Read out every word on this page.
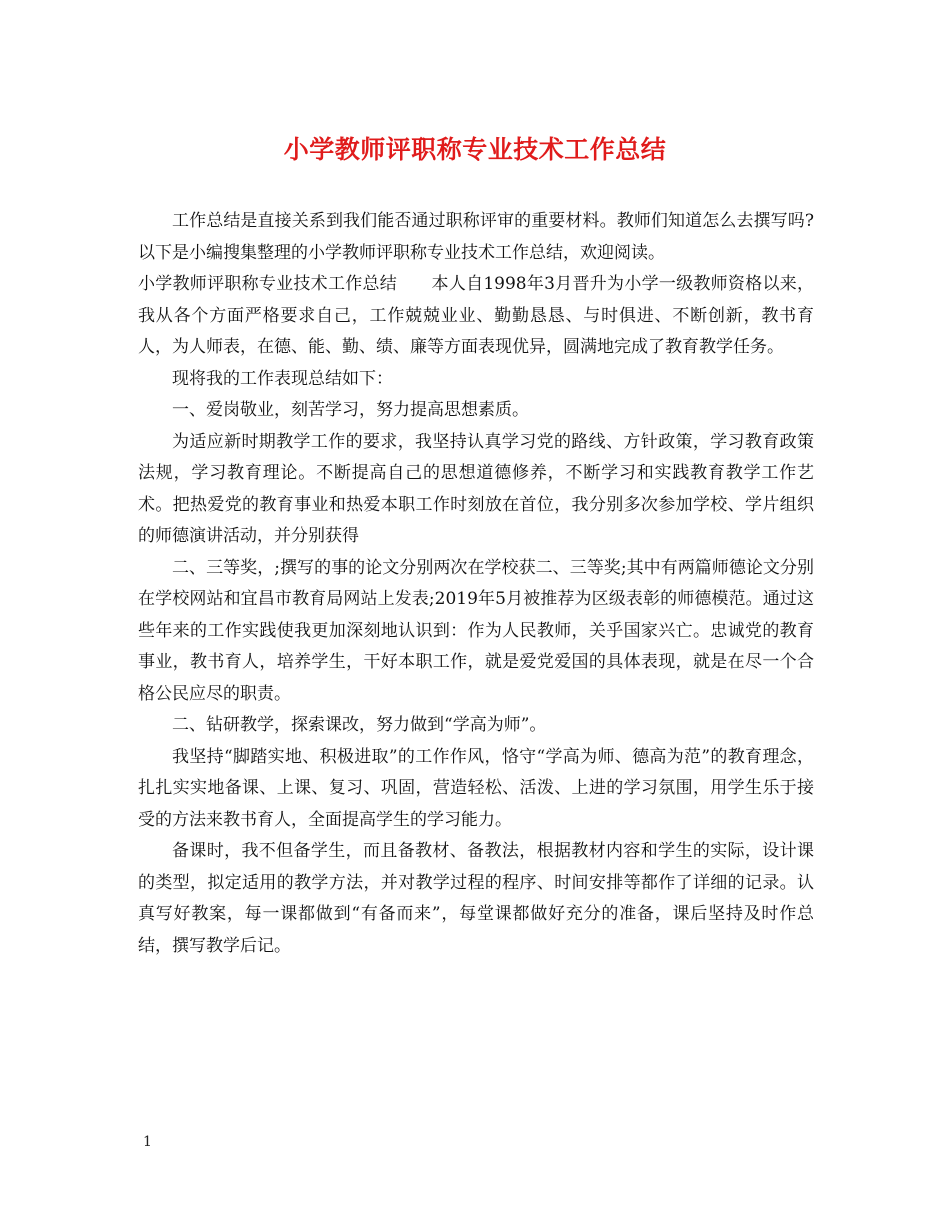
小学教师评职称专业技术工作总结

工作总结是直接关系到我们能否通过职称评审的重要材料。教师们知道怎么去撰写吗?以下是小编搜集整理的小学教师评职称专业技术工作总结，欢迎阅读。

小学教师评职称专业技术工作总结　　本人自1998年3月晋升为小学一级教师资格以来，我从各个方面严格要求自己，工作兢兢业业、勤勤恳恳、与时俱进、不断创新，教书育人，为人师表，在德、能、勤、绩、廉等方面表现优异，圆满地完成了教育教学任务。

现将我的工作表现总结如下：

一、爱岗敬业，刻苦学习，努力提高思想素质。

为适应新时期教学工作的要求，我坚持认真学习党的路线、方针政策，学习教育政策法规，学习教育理论。不断提高自己的思想道德修养，不断学习和实践教育教学工作艺术。把热爱党的教育事业和热爱本职工作时刻放在首位，我分别多次参加学校、学片组织的师德演讲活动，并分别获得

二、三等奖，;撰写的事的论文分别两次在学校获二、三等奖;其中有两篇师德论文分别在学校网站和宜昌市教育局网站上发表;2019年5月被推荐为区级表彰的师德模范。通过这些年来的工作实践使我更加深刻地认识到：作为人民教师，关乎国家兴亡。忠诚党的教育事业，教书育人，培养学生，干好本职工作，就是爱党爱国的具体表现，就是在尽一个合格公民应尽的职责。

二、钻研教学，探索课改，努力做到“学高为师”。

我坚持“脚踏实地、积极进取”的工作作风，恪守“学高为师、德高为范”的教育理念，扎扎实实地备课、上课、复习、巩固，营造轻松、活泼、上进的学习氛围，用学生乐于接受的方法来教书育人，全面提高学生的学习能力。

备课时，我不但备学生，而且备教材、备教法，根据教材内容和学生的实际，设计课的类型，拟定适用的教学方法，并对教学过程的程序、时间安排等都作了详细的记录。认真写好教案，每一课都做到“有备而来”，每堂课都做好充分的准备，课后坚持及时作总结，撰写教学后记。

1
